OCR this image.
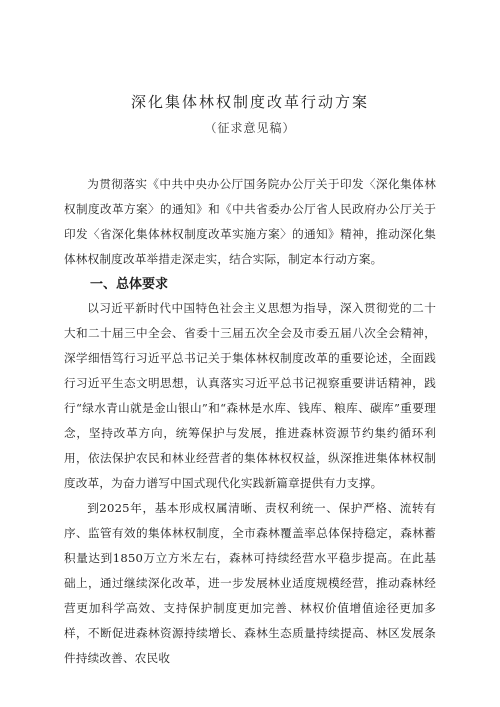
深化集体林权制度改革行动方案
（征求意见稿）

为贯彻落实《中共中央办公厅国务院办公厅关于印发〈深化集体林权制度改革方案〉的通知》和《中共省委办公厅省人民政府办公厅关于印发〈省深化集体林权制度改革实施方案〉的通知》精神，推动深化集体林权制度改革举措走深走实，结合实际，制定本行动方案。

一、总体要求

以习近平新时代中国特色社会主义思想为指导，深入贯彻党的二十大和二十届三中全会、省委十三届五次全会及市委五届八次全会精神，深学细悟笃行习近平总书记关于集体林权制度改革的重要论述，全面践行习近平生态文明思想，认真落实习近平总书记视察重要讲话精神，践行“绿水青山就是金山银山”和“森林是水库、钱库、粮库、碳库”重要理念，坚持改革方向，统筹保护与发展，推进森林资源节约集约循环利用，依法保护农民和林业经营者的集体林权权益，纵深推进集体林权制度改革，为奋力谱写中国式现代化实践新篇章提供有力支撑。

到2025年，基本形成权属清晰、责权利统一、保护严格、流转有序、监管有效的集体林权制度，全市森林覆盖率总体保持稳定，森林蓄积量达到1850万立方米左右，森林可持续经营水平稳步提高。在此基础上，通过继续深化改革，进一步发展林业适度规模经营，推动森林经营更加科学高效、支持保护制度更加完善、林权价值增值途径更加多样，不断促进森林资源持续增长、森林生态质量持续提高、林区发展条件持续改善、农民收
